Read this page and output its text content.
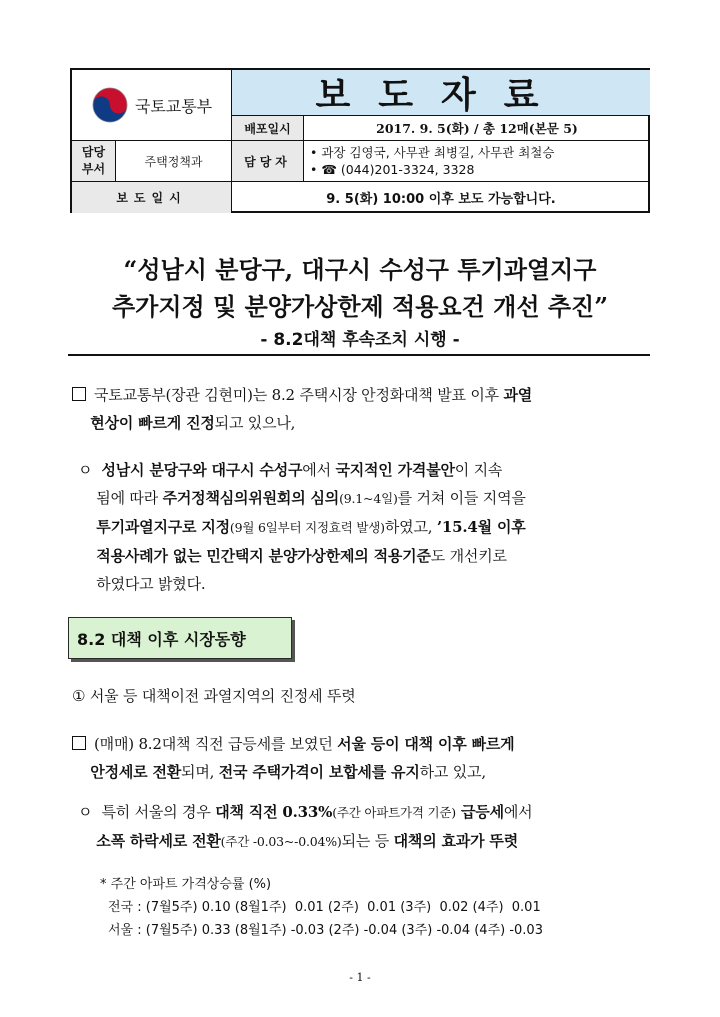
국토교통부	보도자료
배포일시	2017. 9. 5(화) / 총 12매(본문 5)
담당
부서
주택정책과	담당자
• 과장 김영국, 사무관 최병길, 사무관 최철승
• ☎ (044)201-3324, 3328
보도일시	9. 5(화) 10:00 이후 보도 가능합니다.
“성남시 분당구, 대구시 수성구 투기과열지구
추가지정 및 분양가상한제 적용요건 개선 추진”
- 8.2대책 후속조치 시행 -
국토교통부(장관 김현미)는 8.2 주택시장 안정화대책 발표 이후 과열
현상이 빠르게 진정되고 있으나,
ㅇ 성남시 분당구와 대구시 수성구에서 국지적인 가격불안이 지속
됨에 따라 주거정책심의위원회의 심의(9.1~4일)를 거쳐 이들 지역을
투기과열지구로 지정(9월 6일부터 지정효력 발생)하였고, ’15.4월 이후
적용사례가 없는 민간택지 분양가상한제의 적용기준도 개선키로
하였다고 밝혔다.
8.2 대책 이후 시장동향
① 서울 등 대책이전 과열지역의 진정세 뚜렷
(매매) 8.2대책 직전 급등세를 보였던 서울 등이 대책 이후 빠르게
안정세로 전환되며, 전국 주택가격이 보합세를 유지하고 있고,
ㅇ 특히 서울의 경우 대책 직전 0.33%(주간 아파트가격 기준) 급등세에서
소폭 하락세로 전환(주간 -0.03~-0.04%)되는 등 대책의 효과가 뚜렷
* 주간 아파트 가격상승률 (%)
전국 : (7월5주) 0.10 (8월1주)  0.01 (2주)  0.01 (3주)  0.02 (4주)  0.01
서울 : (7월5주) 0.33 (8월1주) -0.03 (2주) -0.04 (3주) -0.04 (4주) -0.03
- 1 -
